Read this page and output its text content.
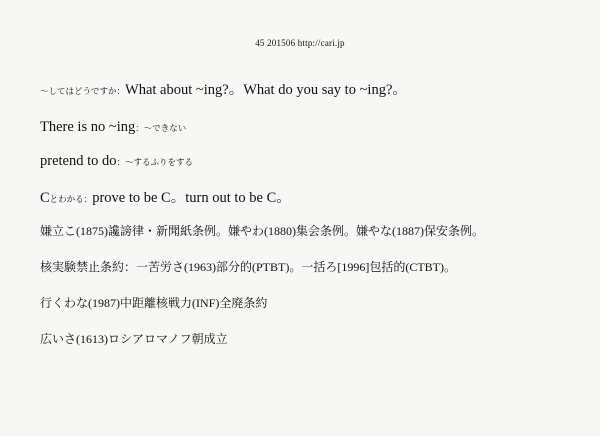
45 201506 http://cari.jp
〜してはどうですか：What about ~ing?。What do you say to ~ing?。
There is no ~ing：〜できない
pretend to do：〜するふりをする
Cとわかる：prove to be C。turn out to be C。
嫌立こ(1875)讒謗律・新聞紙条例。嫌やわ(1880)集会条例。嫌やな(1887)保安条例。
核実験禁止条約：一苦労さ(1963)部分的(PTBT)。一括ろ[1996]包括的(CTBT)。
行くわな(1987)中距離核戦力(INF)全廃条約
広いさ(1613)ロシアロマノフ朝成立
